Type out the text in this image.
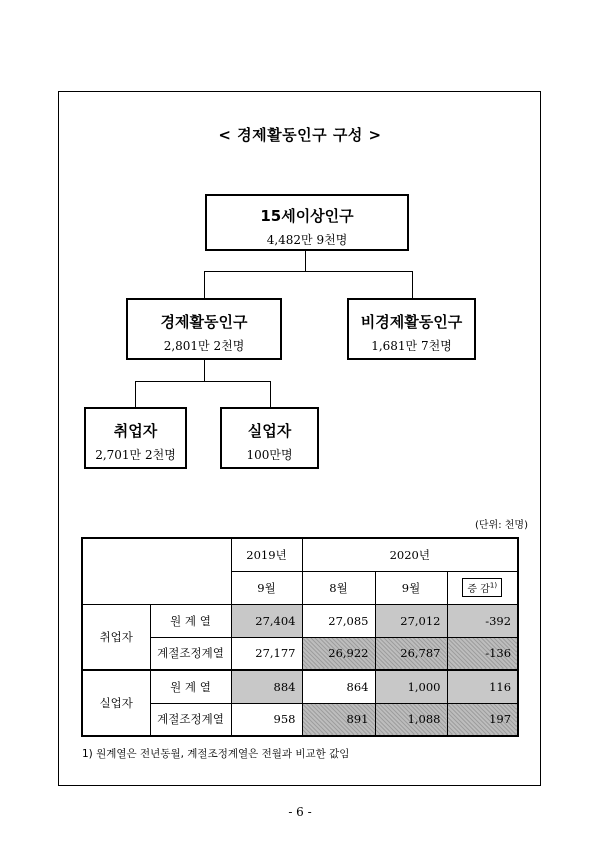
< 경제활동인구 구성 >
15세이상인구
4,482만 9천명
경제활동인구
2,801만 2천명
비경제활동인구
1,681만 7천명
취업자
2,701만 2천명
실업자
100만명
(단위: 천명)
		2019년	2020년		
		9월	8월	9월	증 감$^{1)}$
취업자	원 계 열	27,404	27,085	27,012	-392
	계절조정계열	27,177	26,922	26,787	-136
실업자	원 계 열	884	864	1,000	116
	계절조정계열	958	891	1,088	197
1) 원계열은 전년동월, 계절조정계열은 전월과 비교한 값임
- 6 -
